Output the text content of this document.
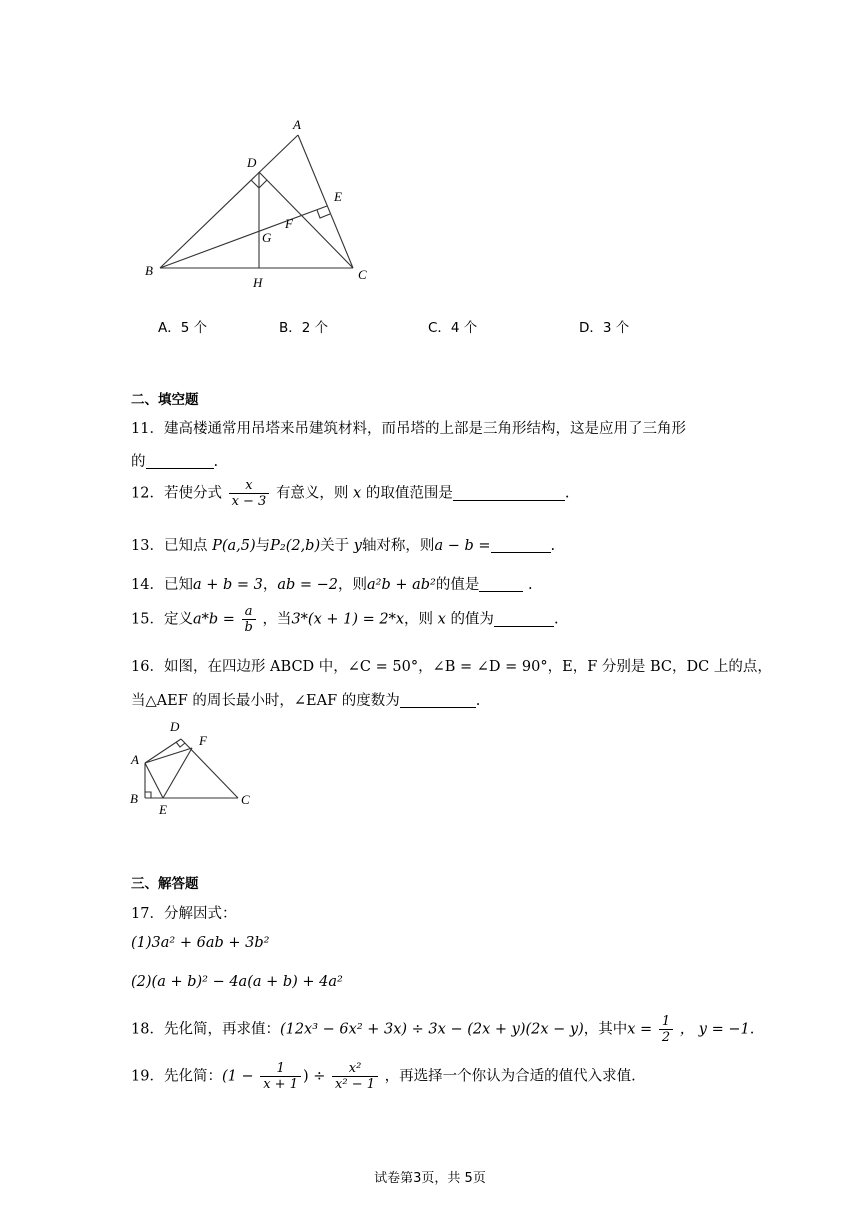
A
D
E
F
G
B
H
C
A．5 个	B．2 个	C．4 个	D．3 个
二、填空题
11．建高楼通常用吊塔来吊建筑材料，而吊塔的上部是三角形结构，这是应用了三角形
的	.
12．若使分式 $\frac{x}{x - 3}$ 有意义，则 x 的取值范围是	.
13．已知点 P(a,5)与P₂(2,b)关于 y轴对称，则a − b =	.
14．已知a + b = 3，ab = −2，则a²b + ab²的值是	.
15．定义$a*b = \frac{a}{b}$ ，当3*(x + 1) = 2*x，则 x 的值为	.
16．如图，在四边形 ABCD 中，∠C = 50°，∠B = ∠D = 90°，E，F 分别是 BC，DC 上的点，
当△AEF 的周长最小时，∠EAF 的度数为	.
D
F
A
B
E
C
三、解答题
17．分解因式：
(1)3a² + 6ab + 3b²
(2)(a + b)² − 4a(a + b) + 4a²
18．先化简，再求值：(12x³ − 6x² + 3x) ÷ 3x − (2x + y)(2x − y)，其中$x = \frac{1}{2}$ ， y = −1.
19．先化简：($1 - \frac{1}{x + 1}$ ) ÷ $\frac{\text{x²}}{\text{x² − 1}}$ ，再选择一个你认为合适的值代入求值.
试卷第3页，共 5页
